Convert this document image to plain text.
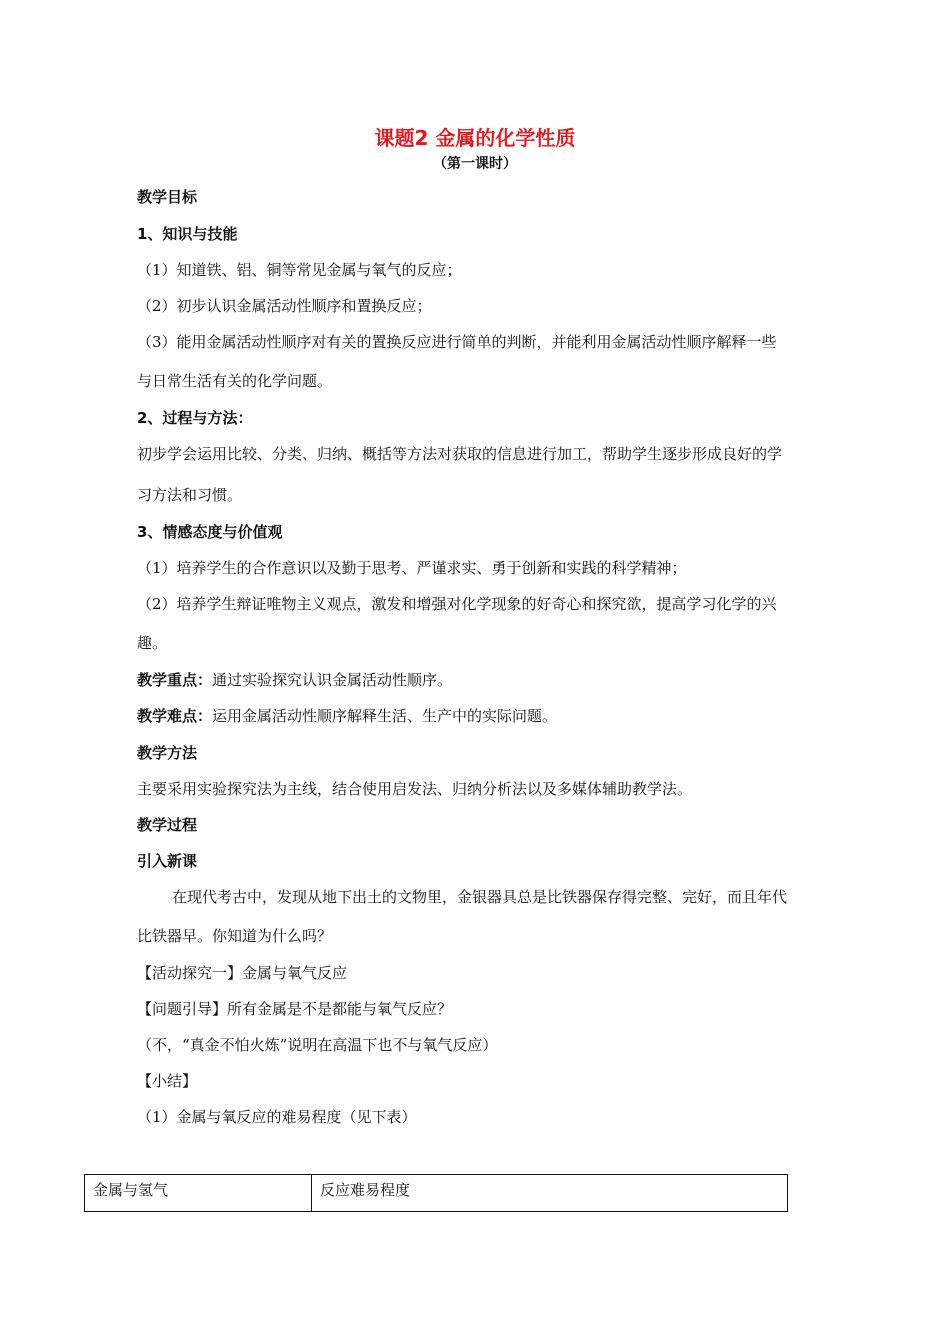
课题2 金属的化学性质
（第一课时）

教学目标

1、知识与技能

（1）知道铁、铝、铜等常见金属与氧气的反应；

（2）初步认识金属活动性顺序和置换反应；

（3）能用金属活动性顺序对有关的置换反应进行简单的判断，并能利用金属活动性顺序解释一些

与日常生活有关的化学问题。

2、过程与方法：

初步学会运用比较、分类、归纳、概括等方法对获取的信息进行加工，帮助学生逐步形成良好的学

习方法和习惯。

3、情感态度与价值观

（1）培养学生的合作意识以及勤于思考、严谨求实、勇于创新和实践的科学精神；

（2）培养学生辩证唯物主义观点，激发和增强对化学现象的好奇心和探究欲，提高学习化学的兴

趣。

教学重点：通过实验探究认识金属活动性顺序。

教学难点：运用金属活动性顺序解释生活、生产中的实际问题。

教学方法

主要采用实验探究法为主线，结合使用启发法、归纳分析法以及多媒体辅助教学法。

教学过程

引入新课

在现代考古中，发现从地下出土的文物里，金银器具总是比铁器保存得完整、完好，而且年代

比铁器早。你知道为什么吗？

【活动探究一】金属与氧气反应

【问题引导】所有金属是不是都能与氧气反应？

（不，“真金不怕火炼”说明在高温下也不与氧气反应）

【小结】

（1）金属与氧反应的难易程度（见下表）

金属与氢气	反应难易程度
